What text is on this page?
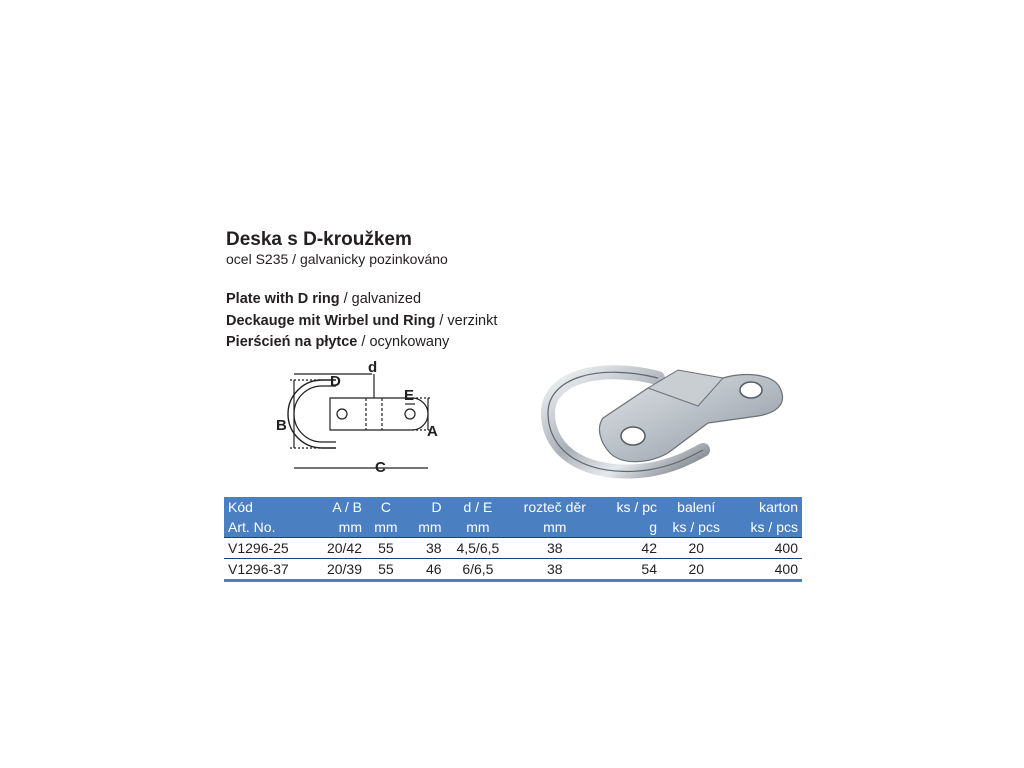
Deska s D-kroužkem
ocel S235 / galvanicky pozinkováno
Plate with D ring / galvanized
Deckauge mit Wirbel und Ring / verzinkt
Pierścień na płytce / ocynkowany
D
d
E
B	A
C
Kód	A / B	C	D	d / E	rozteč děr	ks / pc	balení	karton
Art. No.	mm	mm	mm	mm	mm	g	ks / pcs	ks / pcs
V1296-25	20/42	55	38	4,5/6,5	38	42	20	400
V1296-37	20/39	55	46	6/6,5	38	54	20	400
